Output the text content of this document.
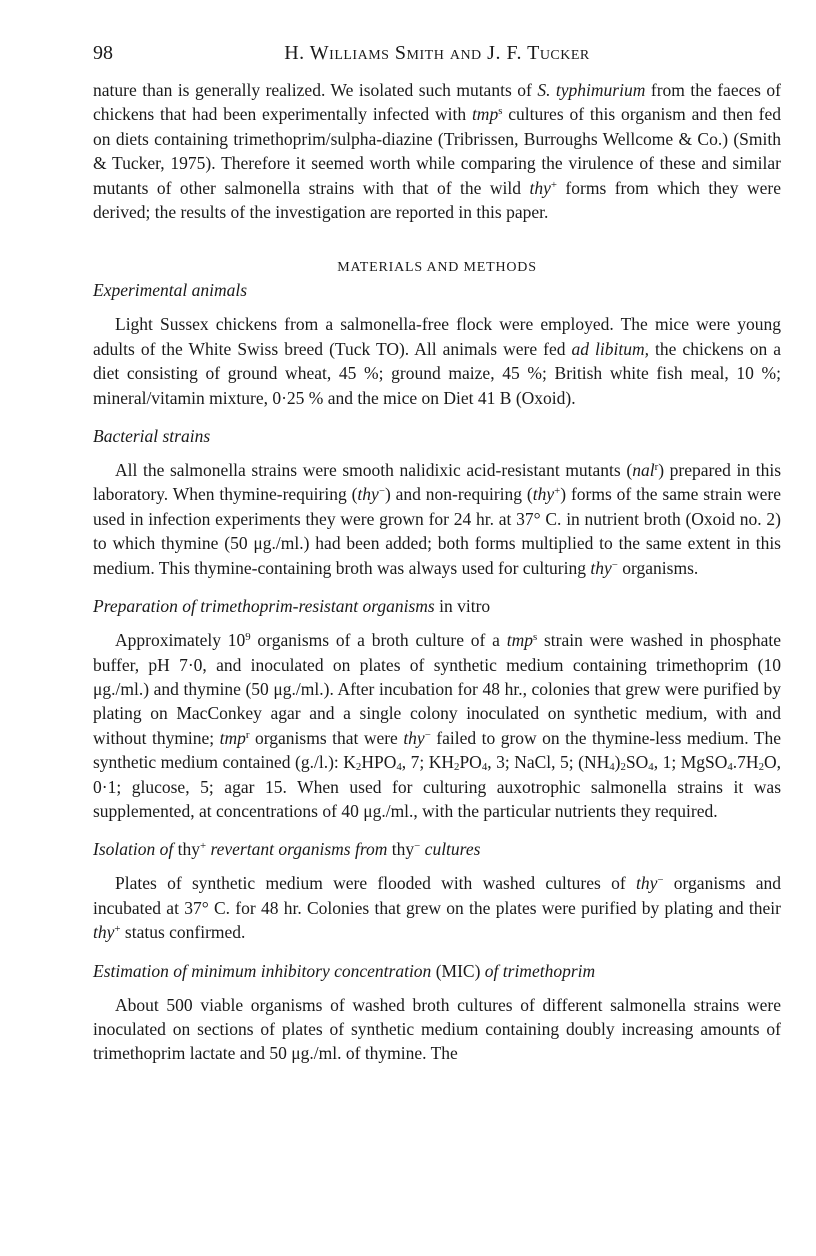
98	H. Williams Smith and J. F. Tucker

nature than is generally realized. We isolated such mutants of S. typhimurium from the faeces of chickens that had been experimentally infected with tmp$^s$ cultures of this organism and then fed on diets containing trimethoprim/sulpha-diazine (Tribrissen, Burroughs Wellcome & Co.) (Smith & Tucker, 1975). Therefore it seemed worth while comparing the virulence of these and similar mutants of other salmonella strains with that of the wild thy+ forms from which they were derived; the results of the investigation are reported in this paper.

MATERIALS AND METHODS
Experimental animals

Light Sussex chickens from a salmonella-free flock were employed. The mice were young adults of the White Swiss breed (Tuck TO). All animals were fed ad libitum, the chickens on a diet consisting of ground wheat, 45 %; ground maize, 45 %; British white fish meal, 10 %; mineral/vitamin mixture, 0·25 % and the mice on Diet 41 B (Oxoid).

Bacterial strains

All the salmonella strains were smooth nalidixic acid-resistant mutants (nal$^r$) prepared in this laboratory. When thymine-requiring (thy−) and non-requiring (thy+) forms of the same strain were used in infection experiments they were grown for 24 hr. at 37° C. in nutrient broth (Oxoid no. 2) to which thymine (50 μg./ml.) had been added; both forms multiplied to the same extent in this medium. This thymine-containing broth was always used for culturing thy− organisms.

Preparation of trimethoprim-resistant organisms in vitro

Approximately $10^9$ organisms of a broth culture of a tmp$^s$ strain were washed in phosphate buffer, pH 7·0, and inoculated on plates of synthetic medium containing trimethoprim (10 μg./ml.) and thymine (50 μg./ml.). After incubation for 48 hr., colonies that grew were purified by plating on MacConkey agar and a single colony inoculated on synthetic medium, with and without thymine; tmp$^r$ organisms that were thy− failed to grow on the thymine-less medium. The synthetic medium contained (g./l.): $K_2HPO_4$, 7; $KH_2PO_4$, 3; NaCl, 5; $(NH_4)_2SO_4$, 1; $MgSO_4.7H_2O$, 0·1; glucose, 5; agar 15. When used for culturing auxotrophic salmonella strains it was supplemented, at concentrations of 40 μg./ml., with the particular nutrients they required.

Isolation of thy+ revertant organisms from thy− cultures

Plates of synthetic medium were flooded with washed cultures of thy− organisms and incubated at 37° C. for 48 hr. Colonies that grew on the plates were purified by plating and their thy+ status confirmed.

Estimation of minimum inhibitory concentration (MIC) of trimethoprim

About 500 viable organisms of washed broth cultures of different salmonella strains were inoculated on sections of plates of synthetic medium containing doubly increasing amounts of trimethoprim lactate and 50 μg./ml. of thymine. The
